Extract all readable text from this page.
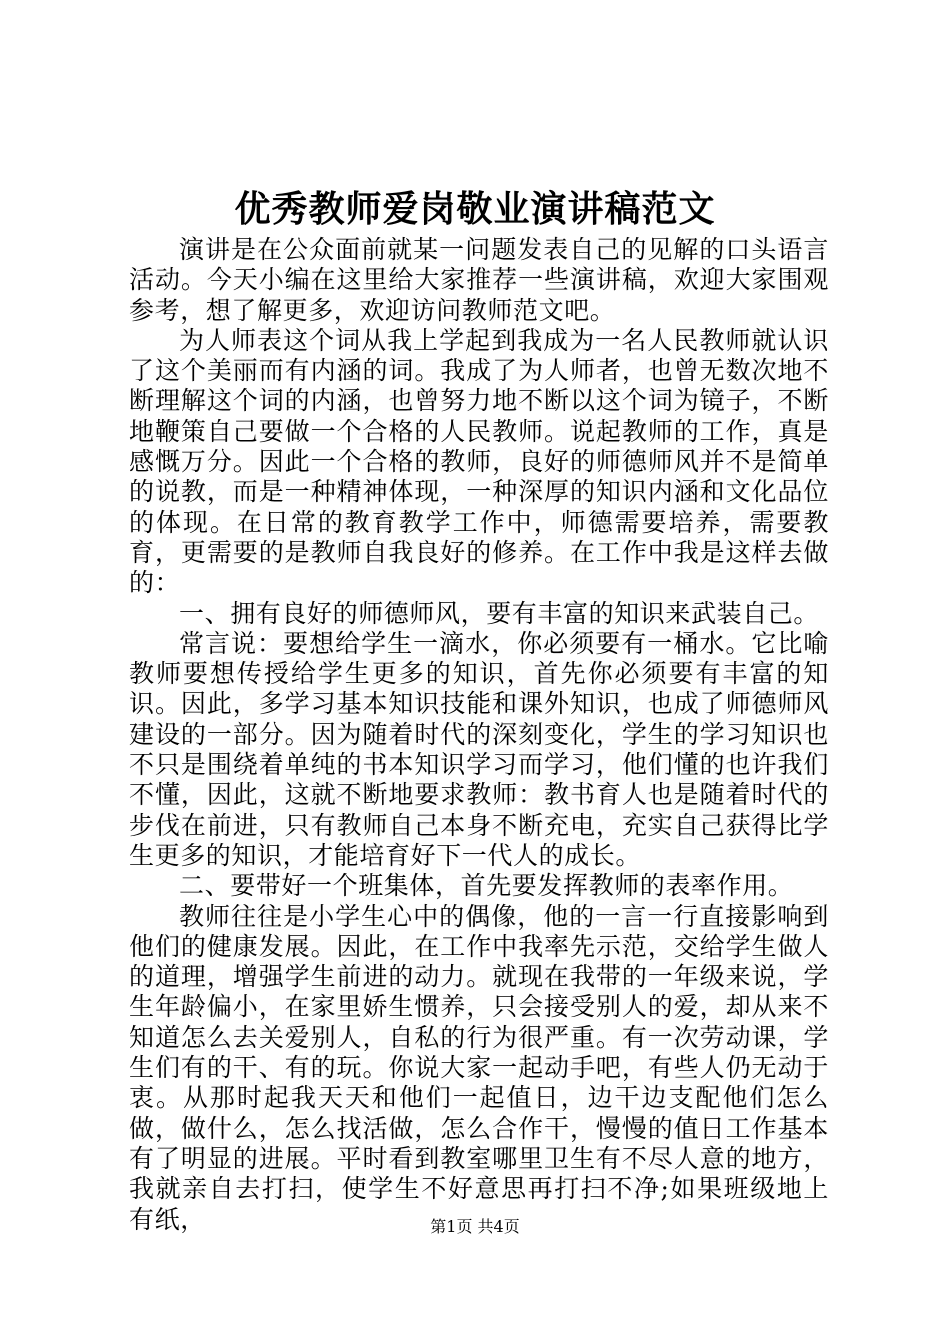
优秀教师爱岗敬业演讲稿范文

演讲是在公众面前就某一问题发表自己的见解的口头语言活动。今天小编在这里给大家推荐一些演讲稿，欢迎大家围观参考，想了解更多，欢迎访问教师范文吧。

为人师表这个词从我上学起到我成为一名人民教师就认识了这个美丽而有内涵的词。我成了为人师者，也曾无数次地不断理解这个词的内涵，也曾努力地不断以这个词为镜子，不断地鞭策自己要做一个合格的人民教师。说起教师的工作，真是感慨万分。因此一个合格的教师，良好的师德师风并不是简单的说教，而是一种精神体现，一种深厚的知识内涵和文化品位的体现。在日常的教育教学工作中，师德需要培养，需要教育，更需要的是教师自我良好的修养。在工作中我是这样去做的：

一、拥有良好的师德师风，要有丰富的知识来武装自己。

常言说：要想给学生一滴水，你必须要有一桶水。它比喻教师要想传授给学生更多的知识，首先你必须要有丰富的知识。因此，多学习基本知识技能和课外知识，也成了师德师风建设的一部分。因为随着时代的深刻变化，学生的学习知识也不只是围绕着单纯的书本知识学习而学习，他们懂的也许我们不懂，因此，这就不断地要求教师：教书育人也是随着时代的步伐在前进，只有教师自己本身不断充电，充实自己获得比学生更多的知识，才能培育好下一代人的成长。

二、要带好一个班集体，首先要发挥教师的表率作用。

教师往往是小学生心中的偶像，他的一言一行直接影响到他们的健康发展。因此，在工作中我率先示范，交给学生做人的道理，增强学生前进的动力。就现在我带的一年级来说，学生年龄偏小，在家里娇生惯养，只会接受别人的爱，却从来不知道怎么去关爱别人，自私的行为很严重。有一次劳动课，学生们有的干、有的玩。你说大家一起动手吧，有些人仍无动于衷。从那时起我天天和他们一起值日，边干边支配他们怎么做，做什么，怎么找活做，怎么合作干，慢慢的值日工作基本有了明显的进展。平时看到教室哪里卫生有不尽人意的地方，我就亲自去打扫，使学生不好意思再打扫不净;如果班级地上有纸，	第1页 共4页
